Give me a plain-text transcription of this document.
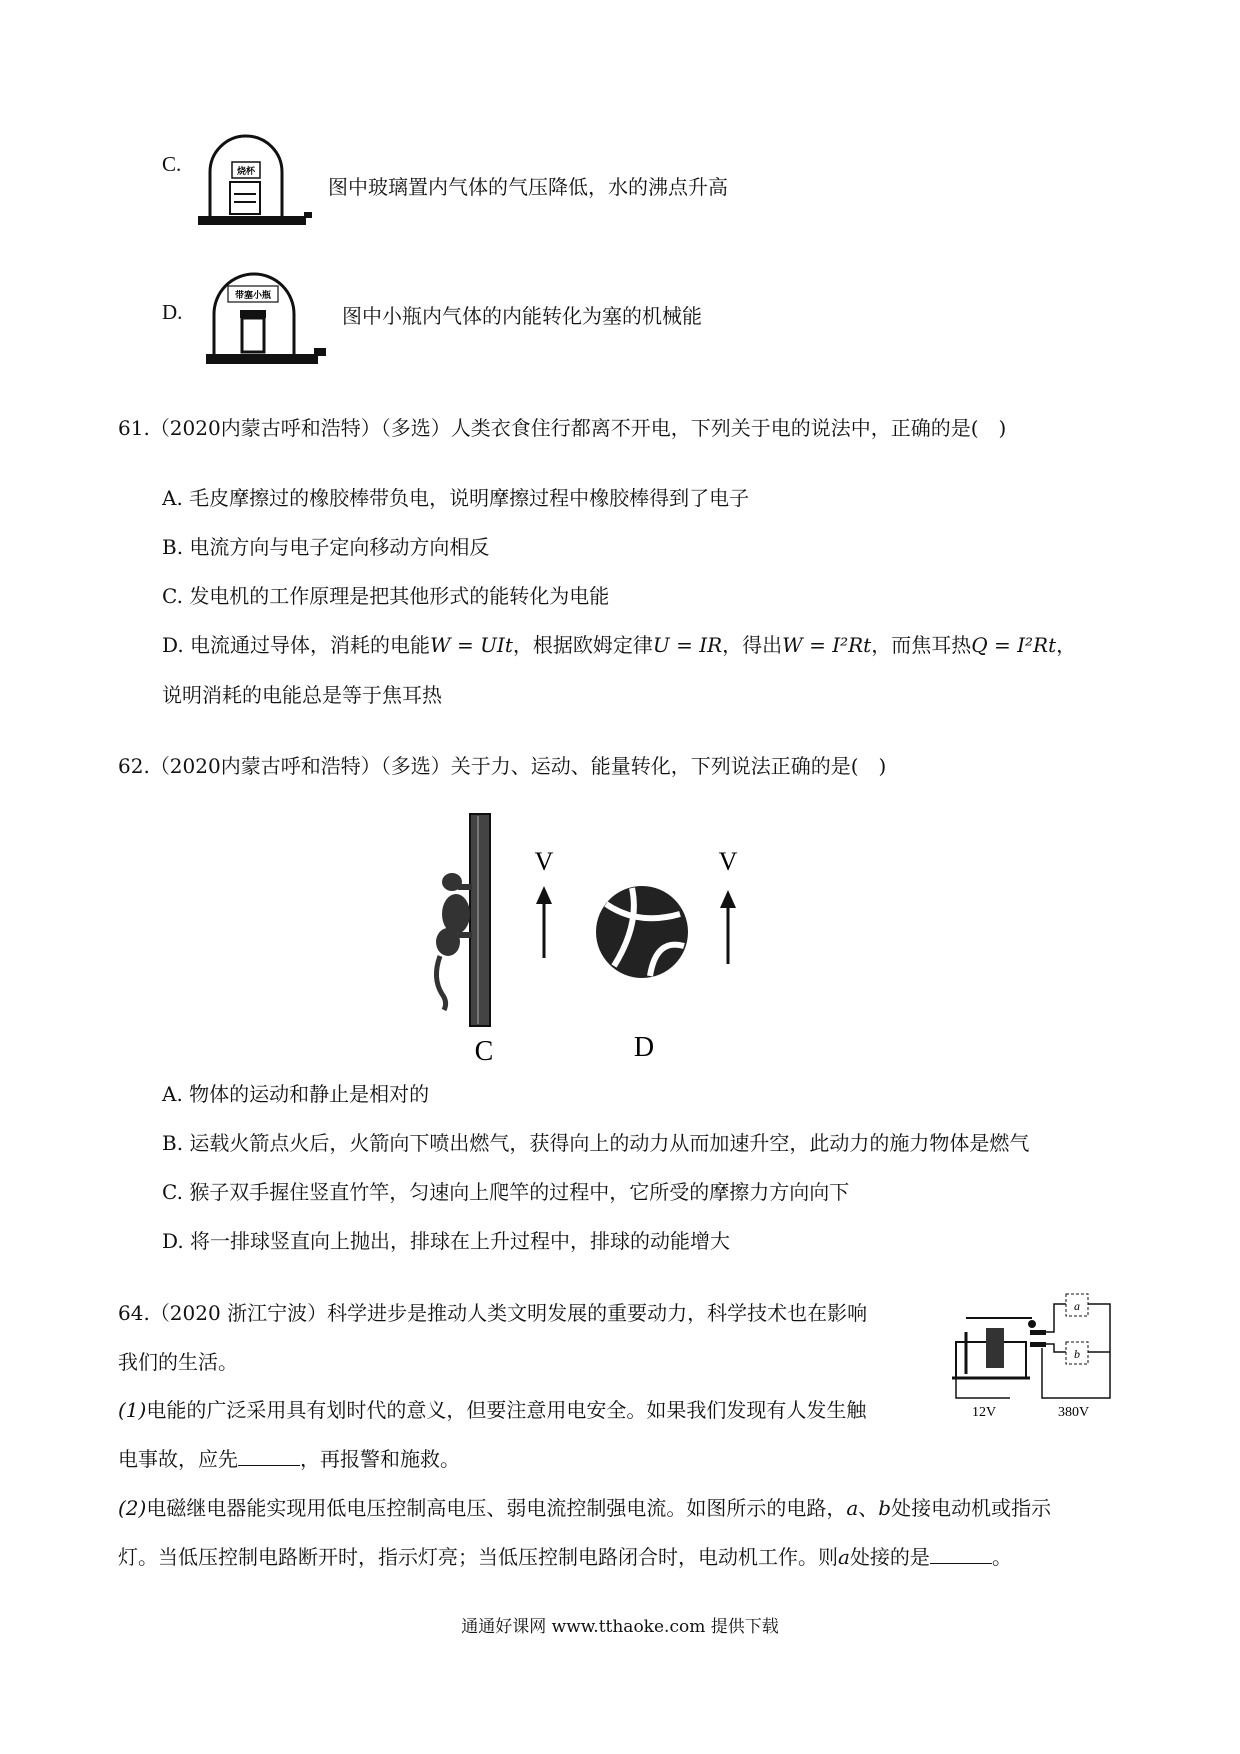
C.	烧杯
图中玻璃置内气体的气压降低，水的沸点升高
D.
带塞小瓶
图中小瓶内气体的内能转化为塞的机械能
61.（2020内蒙古呼和浩特）（多选）人类衣食住行都离不开电，下列关于电的说法中，正确的是(　)
A. 毛皮摩擦过的橡胶棒带负电，说明摩擦过程中橡胶棒得到了电子
B. 电流方向与电子定向移动方向相反
C. 发电机的工作原理是把其他形式的能转化为电能
D. 电流通过导体，消耗的电能W = UIt，根据欧姆定律U = IR，得出W = I²Rt，而焦耳热Q = I²Rt，
说明消耗的电能总是等于焦耳热
62.（2020内蒙古呼和浩特）（多选）关于力、运动、能量转化，下列说法正确的是(　)
V	V
C	D
A. 物体的运动和静止是相对的
B. 运载火箭点火后，火箭向下喷出燃气，获得向上的动力从而加速升空，此动力的施力物体是燃气
C. 猴子双手握住竖直竹竿，匀速向上爬竿的过程中，它所受的摩擦力方向向下
D. 将一排球竖直向上抛出，排球在上升过程中，排球的动能增大
64.（2020 浙江宁波）科学进步是推动人类文明发展的重要动力，科学技术也在影响
我们的生活。
a
b
12V	380V
(1)电能的广泛采用具有划时代的意义，但要注意用电安全。如果我们发现有人发生触
电事故，应先	，再报警和施救。
(2)电磁继电器能实现用低电压控制高电压、弱电流控制强电流。如图所示的电路，a、b处接电动机或指示
灯。当低压控制电路断开时，指示灯亮；当低压控制电路闭合时，电动机工作。则a处接的是	。
通通好课网 www.tthaoke.com 提供下载
